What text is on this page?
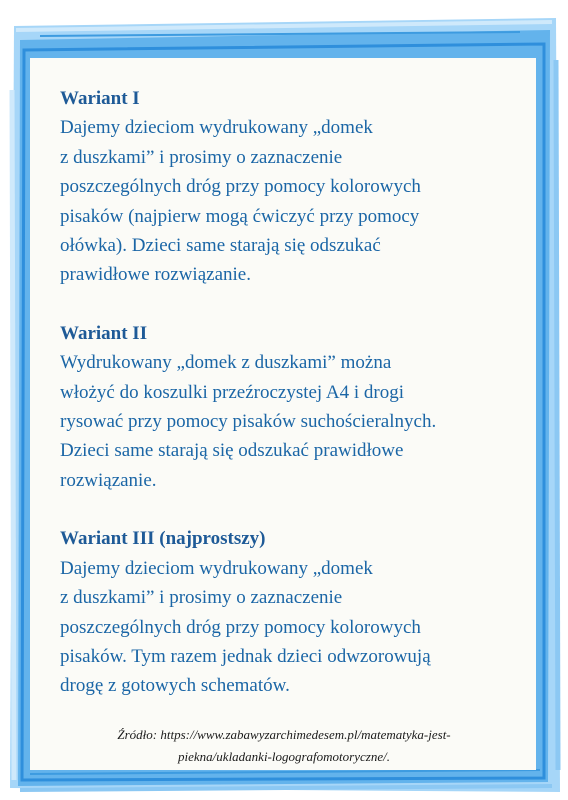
Wariant I
Dajemy dzieciom wydrukowany „domek
z duszkami” i prosimy o zaznaczenie
poszczególnych dróg przy pomocy kolorowych
pisaków (najpierw mogą ćwiczyć przy pomocy
ołówka). Dzieci same starają się odszukać
prawidłowe rozwiązanie.
Wariant II
Wydrukowany „domek z duszkami” można
włożyć do koszulki przeźroczystej A4 i drogi
rysować przy pomocy pisaków suchościeralnych.
Dzieci same starają się odszukać prawidłowe
rozwiązanie.
Wariant III (najprostszy)
Dajemy dzieciom wydrukowany „domek
z duszkami” i prosimy o zaznaczenie
poszczególnych dróg przy pomocy kolorowych
pisaków. Tym razem jednak dzieci odwzorowują
drogę z gotowych schematów.
Źródło: https://www.zabawyzarchimedesem.pl/matematyka-jest-
piekna/ukladanki-logografomotoryczne/.
